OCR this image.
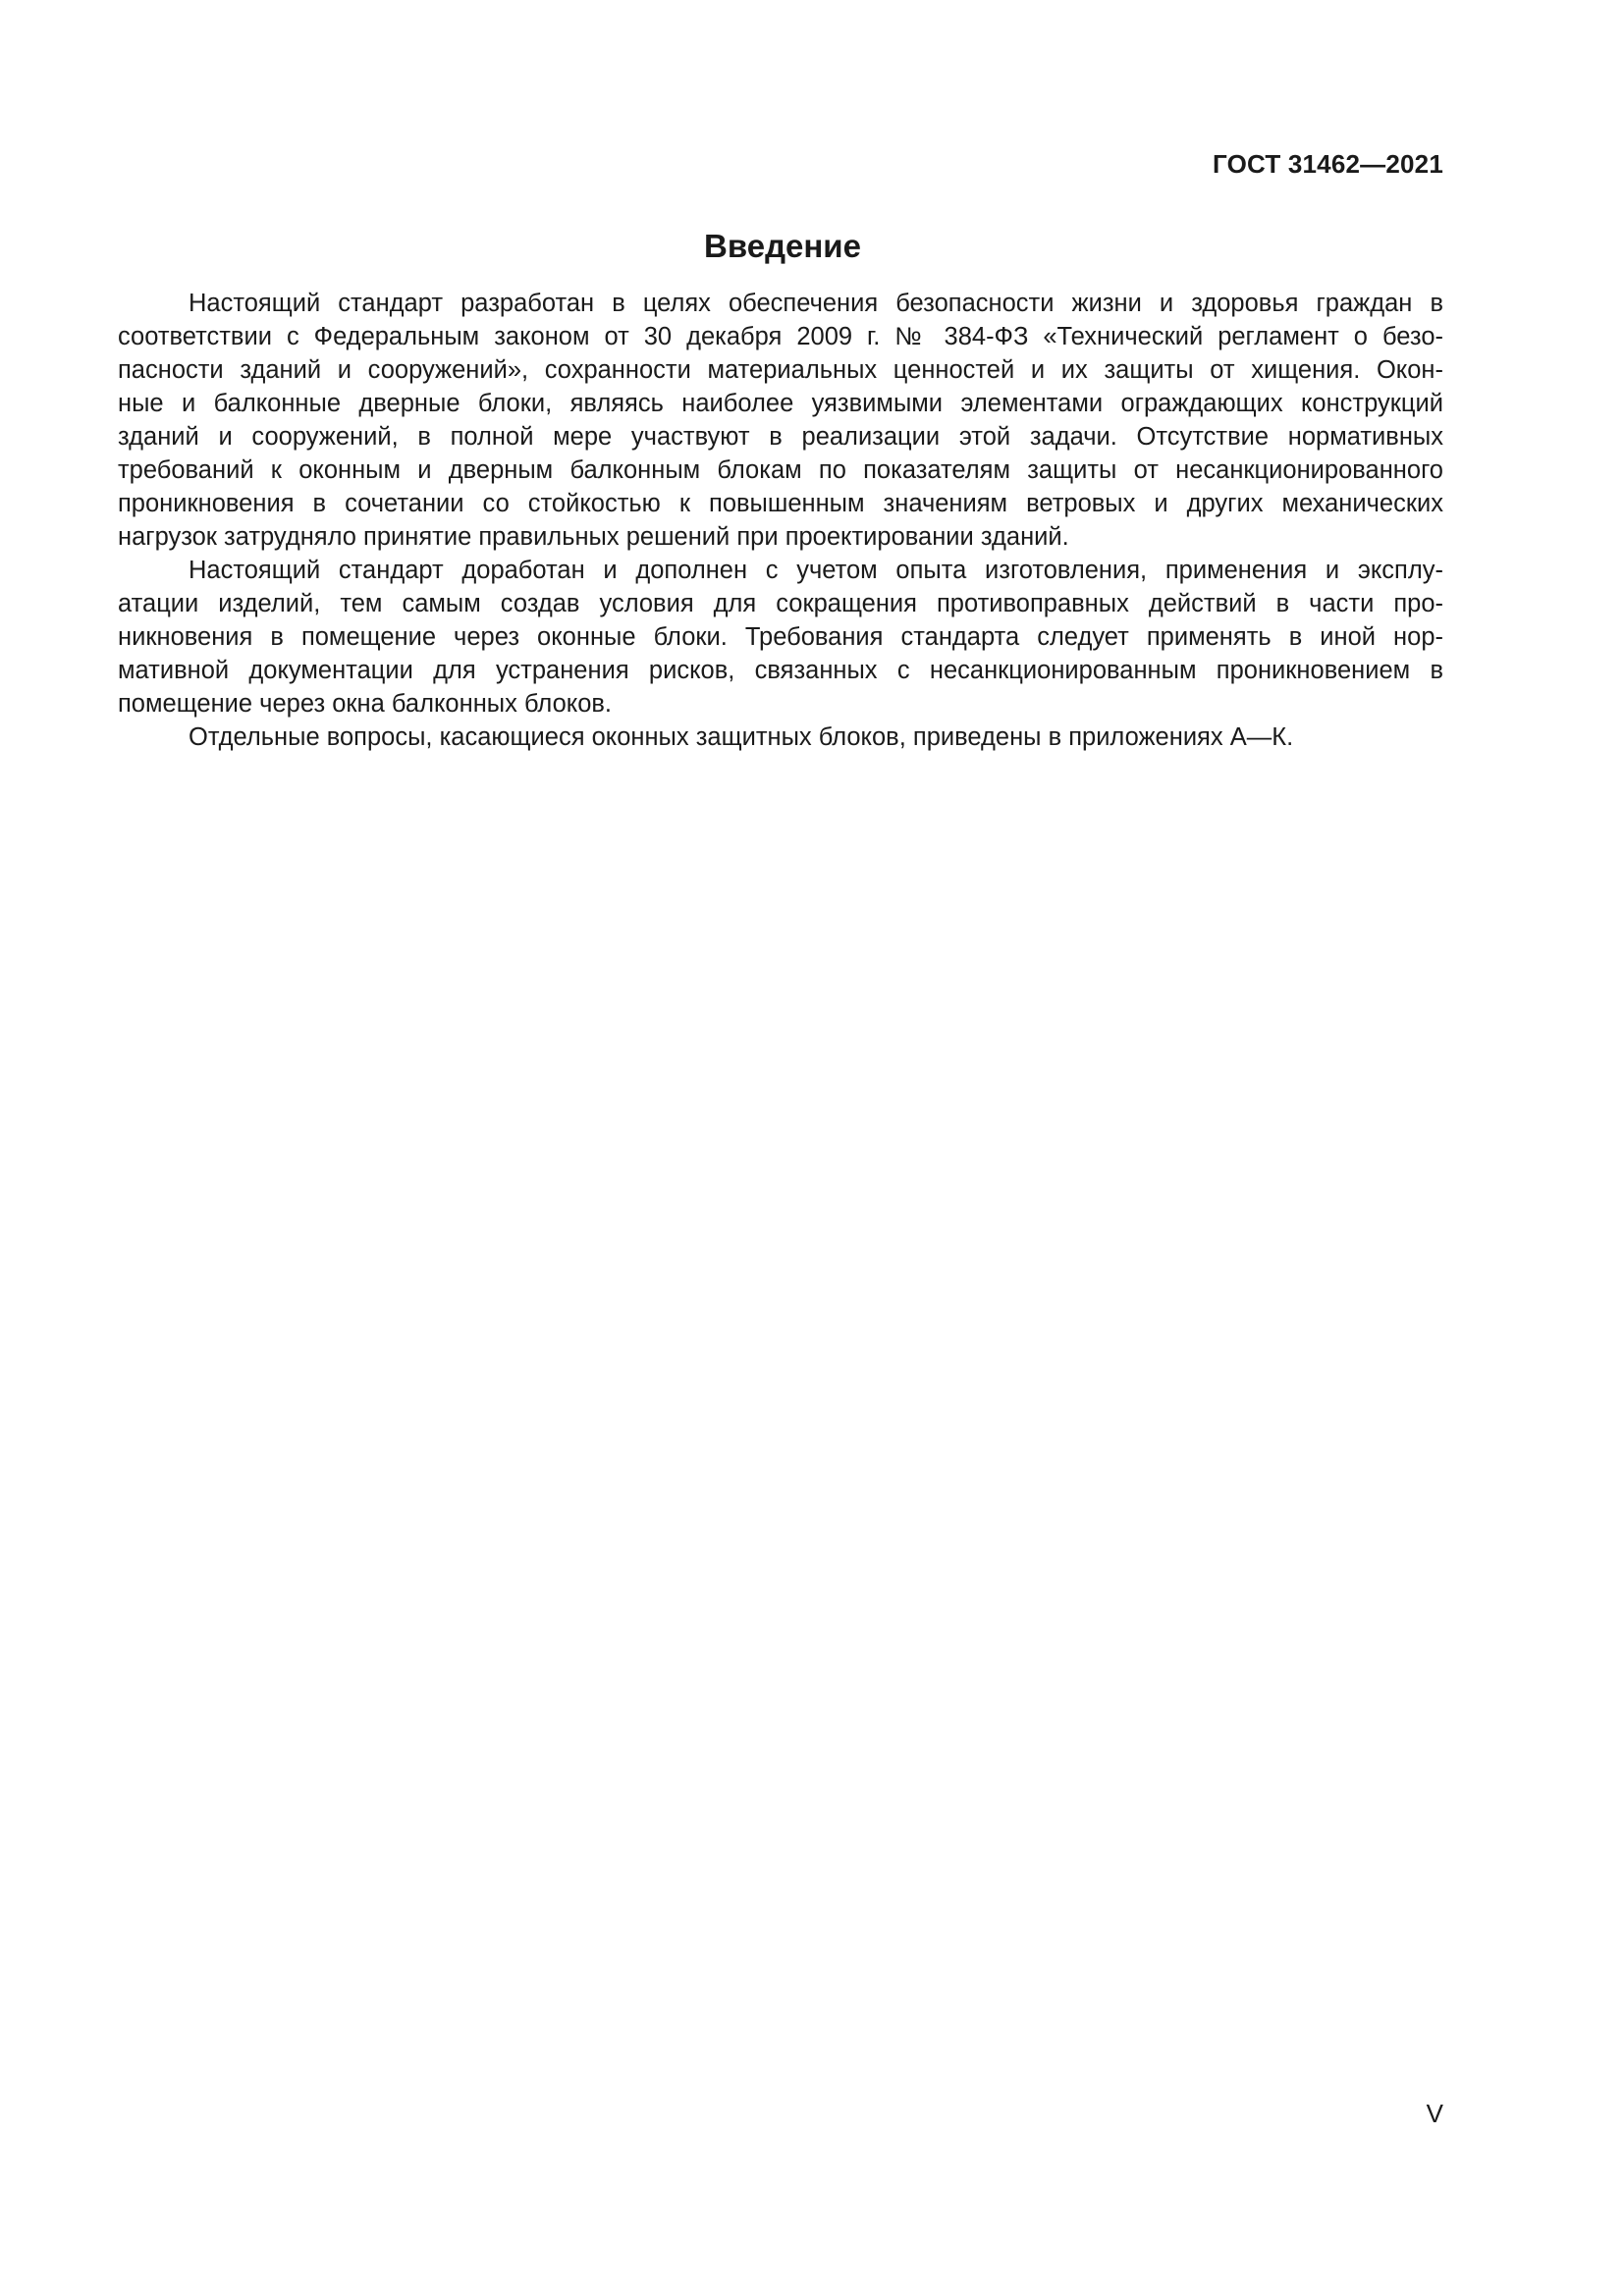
ГОСТ 31462—2021
Введение

Настоящий стандарт разработан в целях обеспечения безопасности жизни и здоровья граждан в
соответствии с Федеральным законом от 30 декабря 2009 г. № 384-ФЗ «Технический регламент о безо-
пасности зданий и сооружений», сохранности материальных ценностей и их защиты от хищения. Окон-
ные и балконные дверные блоки, являясь наиболее уязвимыми элементами ограждающих конструкций
зданий и сооружений, в полной мере участвуют в реализации этой задачи. Отсутствие нормативных
требований к оконным и дверным балконным блокам по показателям защиты от несанкционированного
проникновения в сочетании со стойкостью к повышенным значениям ветровых и других механических
нагрузок затрудняло принятие правильных решений при проектировании зданий.

Настоящий стандарт доработан и дополнен с учетом опыта изготовления, применения и эксплу-
атации изделий, тем самым создав условия для сокращения противоправных действий в части про-
никновения в помещение через оконные блоки. Требования стандарта следует применять в иной нор-
мативной документации для устранения рисков, связанных с несанкционированным проникновением в
помещение через окна балконных блоков.

Отдельные вопросы, касающиеся оконных защитных блоков, приведены в приложениях А—К.

V
